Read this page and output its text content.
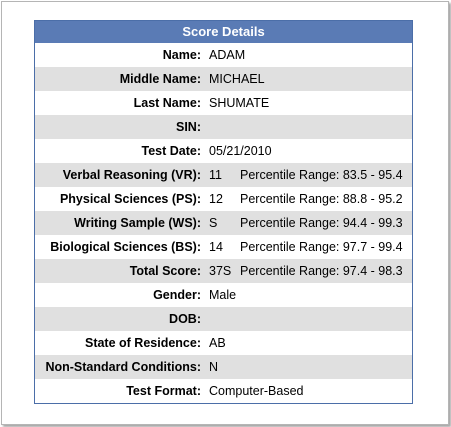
Score Details
Name:	ADAM	
Middle Name:	MICHAEL	
Last Name:	SHUMATE	
SIN:		
Test Date:	05/21/2010	
Verbal Reasoning (VR):	11	Percentile Range: 83.5 - 95.4
Physical Sciences (PS):	12	Percentile Range: 88.8 - 95.2
Writing Sample (WS):	S	Percentile Range: 94.4 - 99.3
Biological Sciences (BS):	14	Percentile Range: 97.7 - 99.4
Total Score:	37S	Percentile Range: 97.4 - 98.3
Gender:	Male	
DOB:		
State of Residence:	AB	
Non-Standard Conditions:	N	
Test Format:	Computer-Based	
